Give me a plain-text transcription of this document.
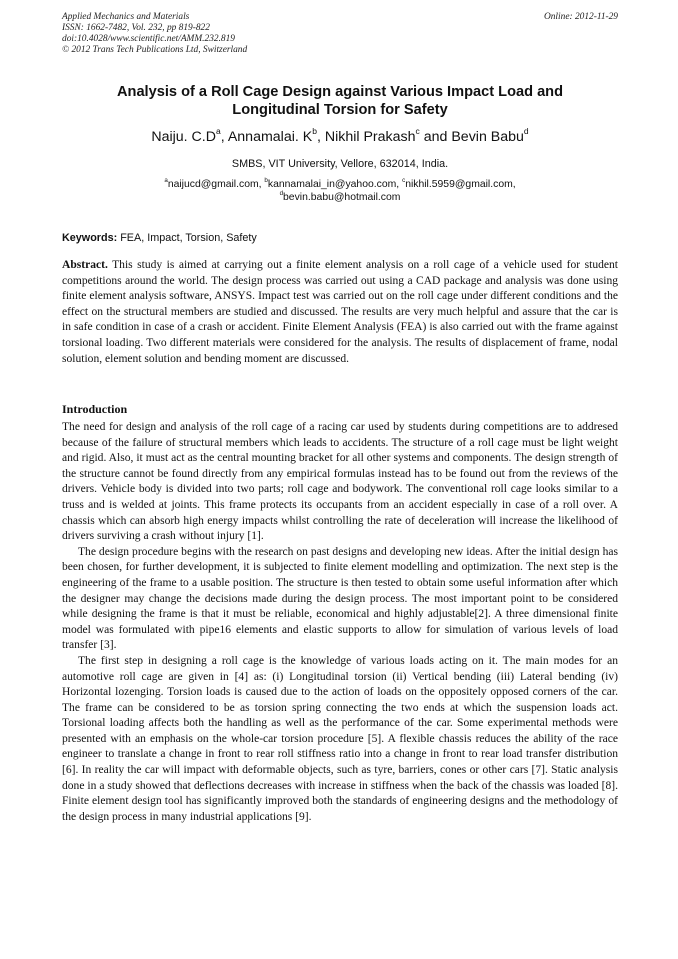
Applied Mechanics and Materials
ISSN: 1662-7482, Vol. 232, pp 819-822
doi:10.4028/www.scientific.net/AMM.232.819
© 2012 Trans Tech Publications Ltd, Switzerland
Online: 2012-11-29
Analysis of a Roll Cage Design against Various Impact Load and
Longitudinal Torsion for Safety
Naiju. $C.D^a$, Annamalai. $K^b$, Nikhil Prakash$^c$ and Bevin Babu$^d$
SMBS, VIT University, Vellore, 632014, India.
$^a$naijucd@gmail.com, $^b$kannamalai_in@yahoo.com, $^c$nikhil.5959@gmail.com,
$^d$bevin.babu@hotmail.com
Keywords: FEA, Impact, Torsion, Safety

Abstract. This study is aimed at carrying out a finite element analysis on a roll cage of a vehicle used for student competitions around the world. The design process was carried out using a CAD package and analysis was done using finite element analysis software, ANSYS. Impact test was carried out on the roll cage under different conditions and the effect on the structural members are studied and discussed. The results are very much helpful and assure that the car is in safe condition in case of a crash or accident. Finite Element Analysis (FEA) is also carried out with the frame against torsional loading. Two different materials were considered for the analysis. The results of displacement of frame, nodal solution, element solution and bending moment are discussed.

Introduction

The need for design and analysis of the roll cage of a racing car used by students during competitions are to addresed because of the failure of structural members which leads to accidents. The structure of a roll cage must be light weight and rigid. Also, it must act as the central mounting bracket for all other systems and components. The design strength of the structure cannot be found directly from any empirical formulas instead has to be found out from the reviews of the drivers. Vehicle body is divided into two parts; roll cage and bodywork. The conventional roll cage looks similar to a truss and is welded at joints. This frame protects its occupants from an accident especially in case of a roll over. A chassis which can absorb high energy impacts whilst controlling the rate of deceleration will increase the likelihood of drivers surviving a crash without injury [1].

The design procedure begins with the research on past designs and developing new ideas. After the initial design has been chosen, for further development, it is subjected to finite element modelling and optimization. The next step is the engineering of the frame to a usable position. The structure is then tested to obtain some useful information after which the designer may change the decisions made during the design process. The most important point to be considered while designing the frame is that it must be reliable, economical and highly adjustable[2]. A three dimensional finite model was formulated with pipe16 elements and elastic supports to allow for simulation of various levels of load transfer [3].

The first step in designing a roll cage is the knowledge of various loads acting on it. The main modes for an automotive roll cage are given in [4] as: (i) Longitudinal torsion (ii) Vertical bending (iii) Lateral bending (iv) Horizontal lozenging. Torsion loads is caused due to the action of loads on the oppositely opposed corners of the car. The frame can be considered to be as torsion spring connecting the two ends at which the suspension loads act. Torsional loading affects both the handling as well as the performance of the car. Some experimental methods were presented with an emphasis on the whole-car torsion procedure [5]. A flexible chassis reduces the ability of the race engineer to translate a change in front to rear roll stiffness ratio into a change in front to rear load transfer distribution [6]. In reality the car will impact with deformable objects, such as tyre, barriers, cones or other cars [7]. Static analysis done in a study showed that deflections decreases with increase in stiffness when the back of the chassis was loaded [8]. Finite element design tool has significantly improved both the standards of engineering designs and the methodology of the design process in many industrial applications [9].
